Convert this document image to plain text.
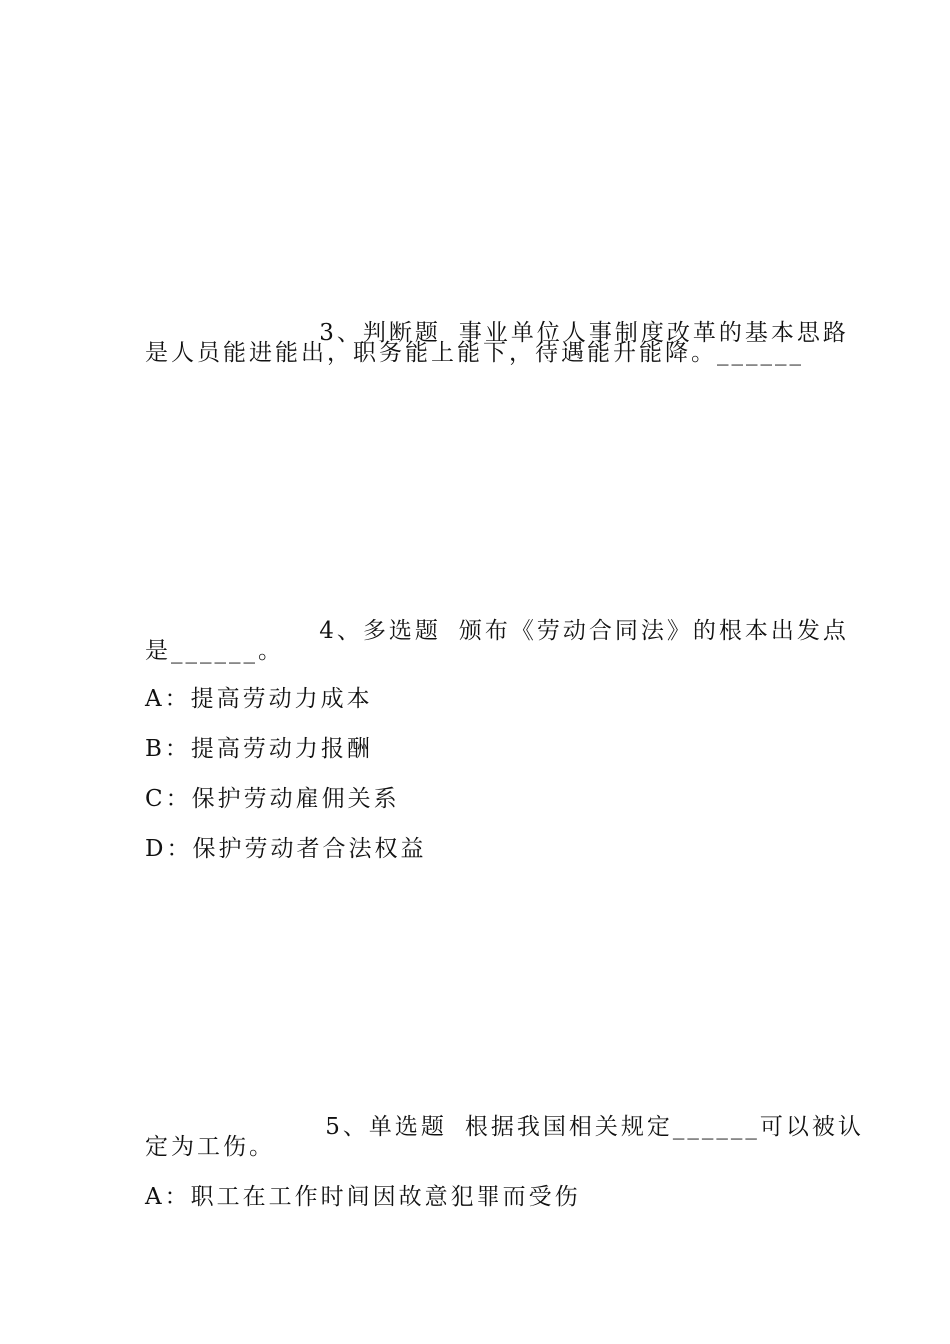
3、判断题 事业单位人事制度改革的基本思路

是人员能进能出，职务能上能下，待遇能升能降。______

4、多选题 颁布《劳动合同法》的根本出发点

是______。
A：提高劳动力成本
B：提高劳动力报酬
C：保护劳动雇佣关系
D：保护劳动者合法权益

5、单选题 根据我国相关规定______可以被认

定为工伤。
A：职工在工作时间因故意犯罪而受伤
